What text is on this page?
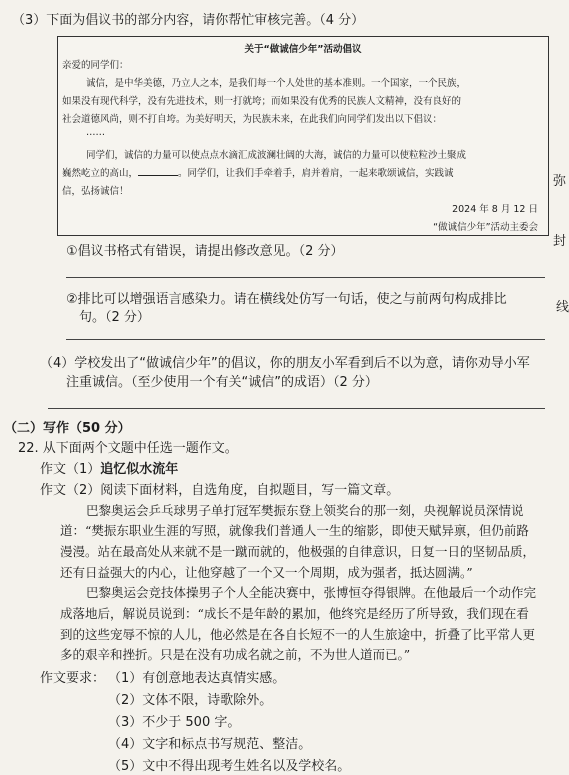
（3）下面为倡议书的部分内容，请你帮忙审核完善。（4 分）
关于“做诚信少年”活动倡议
亲爱的同学们：
诚信，是中华美德，乃立人之本，是我们每一个人处世的基本准则。一个国家，一个民族，
如果没有现代科学，没有先进技术，则一打就垮；而如果没有优秀的民族人文精神，没有良好的
社会道德风尚，则不打自垮。为美好明天，为民族未来，在此我们向同学们发出以下倡议：
……
同学们，诚信的力量可以使点点水滴汇成波澜壮阔的大海，诚信的力量可以使粒粒沙土聚成
巍然屹立的高山，	。同学们，让我们手牵着手，肩并着肩，一起来歌颂诚信，实践诚
信，弘扬诚信！
2024 年 8 月 12 日
“做诚信少年”活动主委会
弥
封
线
①倡议书格式有错误，请提出修改意见。（2 分）
②排比可以增强语言感染力。请在横线处仿写一句话，使之与前两句构成排比
句。（2 分）
（4）学校发出了“做诚信少年”的倡议，你的朋友小军看到后不以为意，请你劝导小军
注重诚信。（至少使用一个有关“诚信”的成语）（2 分）
（二）写作（50 分）
22. 从下面两个文题中任选一题作文。
作文（1）追忆似水流年
作文（2）阅读下面材料，自选角度，自拟题目，写一篇文章。
巴黎奥运会乒乓球男子单打冠军樊振东登上领奖台的那一刻，央视解说员深情说
道：“樊振东职业生涯的写照，就像我们普通人一生的缩影，即使天赋异禀，但仍前路
漫漫。站在最高处从来就不是一蹴而就的，他极强的自律意识，日复一日的坚韧品质，
还有日益强大的内心，让他穿越了一个又一个周期，成为强者，抵达圆满。”
巴黎奥运会竞技体操男子个人全能决赛中，张博恒夺得银牌。在他最后一个动作完
成落地后，解说员说到：“成长不是年龄的累加，他终究是经历了所导致，我们现在看
到的这些宠辱不惊的人儿，他必然是在各自长短不一的人生旅途中，折叠了比平常人更
多的艰辛和挫折。只是在没有功成名就之前，不为世人道而已。”
作文要求： （1）有创意地表达真情实感。
（2）文体不限，诗歌除外。
（3）不少于 500 字。
（4）文字和标点书写规范、整洁。
（5）文中不得出现考生姓名以及学校名。
